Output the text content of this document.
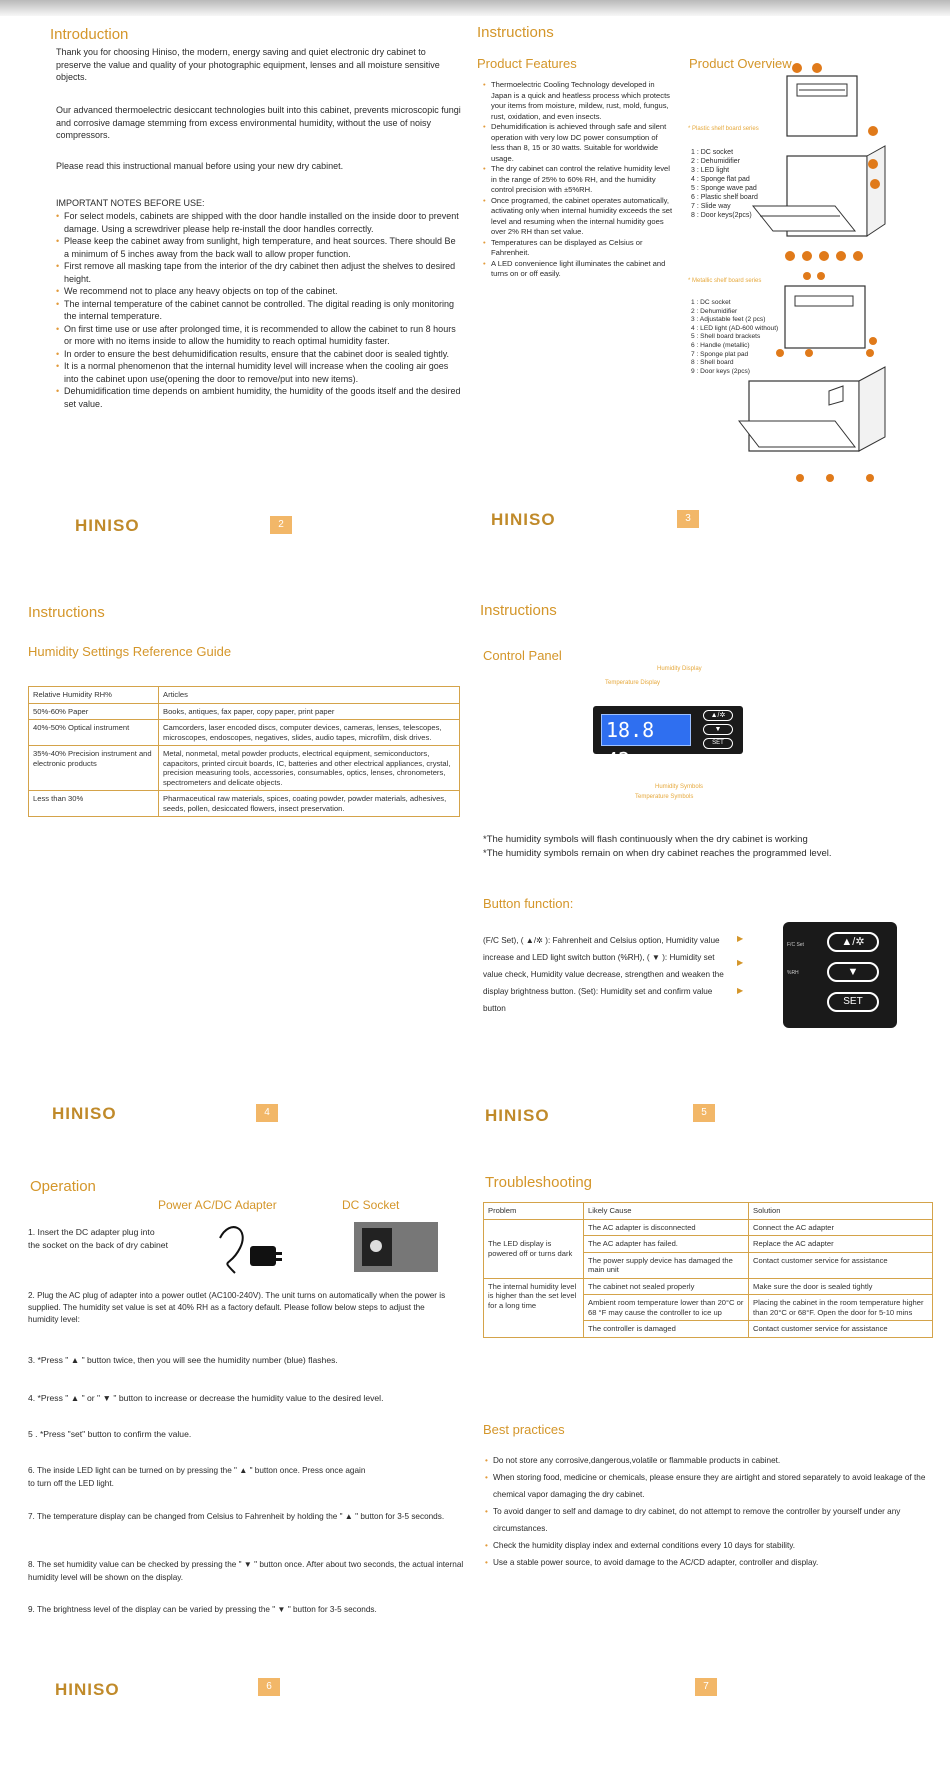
Introduction
Thank you for choosing Hiniso, the modern, energy saving and quiet electronic dry cabinet to preserve the value and quality of your photographic equipment, lenses and all moisture sensitive objects.
Our advanced thermoelectric desiccant technologies built into this cabinet, prevents microscopic fungi and corrosive damage stemming from excess environmental humidity, without the use of noisy compressors.
Please read this instructional manual before using your new dry cabinet.
IMPORTANT NOTES BEFORE USE:
• For select models, cabinets are shipped with the door handle installed on the inside door to prevent damage. Using a screwdriver please help re-install the door handles correctly.
• Please keep the cabinet away from sunlight, high temperature, and heat sources. There should Be a minimum of 5 inches away from the back wall to allow proper function.
• First remove all masking tape from the interior of the dry cabinet then adjust the shelves to desired height.
• We recommend not to place any heavy objects on top of the cabinet.
• The internal temperature of the cabinet cannot be controlled. The digital reading is only monitoring the internal temperature.
• On first time use or use after prolonged time, it is recommended to allow the cabinet to run 8 hours or more with no items inside to allow the humidity to reach optimal humidity faster.
• In order to ensure the best dehumidification results, ensure that the cabinet door is sealed tightly.
• It is a normal phenomenon that the internal humidity level will increase when the cooling air goes into the cabinet upon use(opening the door to remove/put into new items).
• Dehumidification time depends on ambient humidity, the humidity of the goods itself and the desired set value.
HINISO	2
Instructions
Product Features
• Thermoelectric Cooling Technology developed in Japan is a quick and heatless process which protects your items from moisture, mildew, rust, mold, fungus, rust, oxidation, and even insects.
• Dehumidification is achieved through safe and silent operation with very low DC power consumption of less than 8, 15 or 30 watts. Suitable for worldwide usage.
• The dry cabinet can control the relative humidity level in the range of 25% to 60% RH, and the humidity control precision with ±5%RH.
• Once programed, the cabinet operates automatically, activating only when internal humidity exceeds the set level and resuming when the internal humidity goes over 2% RH than set value.
• Temperatures can be displayed as Celsius or Fahrenheit.
• A LED convenience light illuminates the cabinet and turns on or off easily.
Product Overview
* Plastic shelf board series
1 : DC socket
2 : Dehumidifier
3 : LED light
4 : Sponge flat pad
5 : Sponge wave pad
6 : Plastic shelf board
7 : Slide way
8 : Door keys(2pcs)
* Metallic shelf board series
1 : DC socket
2 : Dehumidifier
3 : Adjustable feet (2 pcs)
4 : LED light (AD-600 without)
5 : Shell board brackets
6 : Handle (metallic)
7 : Sponge plat pad
8 : Shell board
9 : Door keys (2pcs)
HINISO	3
Instructions
Humidity Settings Reference Guide
Relative Humidity RH%	Articles
50%-60% Paper	Books, antiques, fax paper, copy paper, print paper
40%-50% Optical instrument	Camcorders, laser encoded discs, computer devices, cameras, lenses, telescopes, microscopes, endoscopes, negatives, slides, audio tapes, microfilm, disk drives.
35%-40% Precision instrument and electronic products	Metal, nonmetal, metal powder products, electrical equipment, semiconductors, capacitors, printed circuit boards, IC, batteries and other electrical appliances, crystal, precision measuring tools, accessories, consumables, optics, lenses, chronometers, spectrometers and delicate objects.
Less than 30%	Pharmaceutical raw materials, spices, coating powder, powder materials, adhesives, seeds, pollen, desiccated flowers, insect preservation.
HINISO	4
Instructions
Control Panel
Humidity Display
Temperature Display
18.8 42
▲/✲
▼
SET
Humidity Symbols
Temperature Symbols
*The humidity symbols will flash continuously when the dry cabinet is working
*The humidity symbols remain on when dry cabinet reaches the programmed level.
Button function:
(F/C Set), ( ▲/✲ ): Fahrenheit and Celsius option, Humidity value increase and LED light switch button (%RH), ( ▼ ): Humidity set value check, Humidity value decrease, strengthen and weaken the display brightness button. (Set): Humidity set and confirm value button
▶
▶
▶
F/C Set
%RH
▲/✲
▼
SET
HINISO	5
Operation
Power AC/DC Adapter	DC Socket
1. Insert the DC adapter plug into the socket on the back of dry cabinet
2. Plug the AC plug of adapter into a power outlet (AC100-240V). The unit turns on automatically when the power is supplied. The humidity set value is set at 40% RH as a factory default. Please follow below steps to adjust the humidity level:
3. *Press " ▲ " button twice, then you will see the humidity number (blue) flashes.
4. *Press " ▲ " or " ▼ " button to increase or decrease the humidity value to the desired level.
5 . *Press "set" button to confirm the value.
6. The inside LED light can be turned on by pressing the " ▲ " button once. Press once again to turn off the LED light.
7. The temperature display can be changed from Celsius to Fahrenheit by holding the " ▲ " button for 3-5 seconds.
8. The set humidity value can be checked by pressing the " ▼ " button once. After about two seconds, the actual internal humidity level will be shown on the display.
9. The brightness level of the display can be varied by pressing the " ▼ " button for 3-5 seconds.
HINISO	6
Troubleshooting
Problem	Likely Cause	Solution
The LED display is powered off or turns dark	The AC adapter is disconnected	Connect the AC adapter
	The AC adapter has failed.	Replace the AC adapter
	The power supply device has damaged the main unit	Contact customer service for assistance
The internal humidity level is higher than the set level for a long time	The cabinet not sealed properly	Make sure the door is sealed tightly
	Ambient room temperature lower than 20°C or 68 °F may cause the controller to ice up	Placing the cabinet in the room temperature higher than 20°C or 68°F. Open the door for 5-10 mins
	The controller is damaged	Contact customer service for assistance
Best practices
• Do not store any corrosive,dangerous,volatile or flammable products in cabinet.
• When storing food, medicine or chemicals, please ensure they are airtight and stored separately to avoid leakage of the chemical vapor damaging the dry cabinet.
• To avoid danger to self and damage to dry cabinet, do not attempt to remove the controller by yourself under any circumstances.
• Check the humidity display index and external conditions every 10 days for stability.
• Use a stable power source, to avoid damage to the AC/CD adapter, controller and display.
7
